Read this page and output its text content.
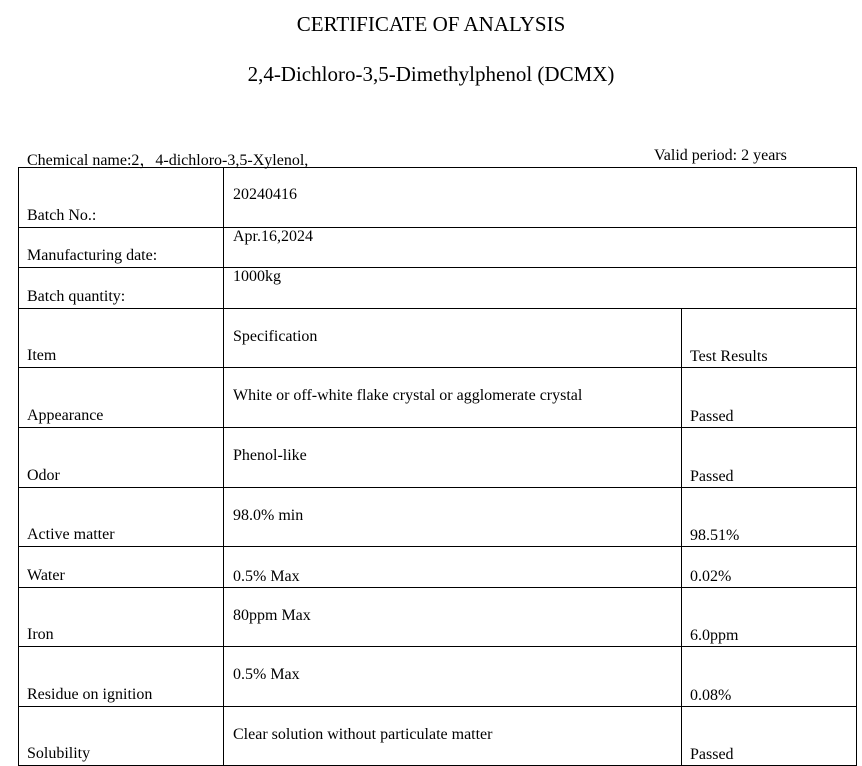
CERTIFICATE OF ANALYSIS
2,4-Dichloro-3,5-Dimethylphenol (DCMX)
Chemical name:2，4-dichloro-3,5-Xylenol,	Valid period: 2 years
Batch No.:	20240416	

Manufacturing date:	Apr.16,2024	

Batch quantity:	1000kg	

Item	Specification	Test Results

Appearance	White or off-white flake crystal or agglomerate crystal	Passed

Odor	Phenol-like	Passed

Active matter	98.0% min	98.51%

Water	0.5% Max	0.02%

Iron	80ppm Max	6.0ppm

Residue on ignition	0.5% Max	0.08%

Solubility	Clear solution without particulate matter	Passed
